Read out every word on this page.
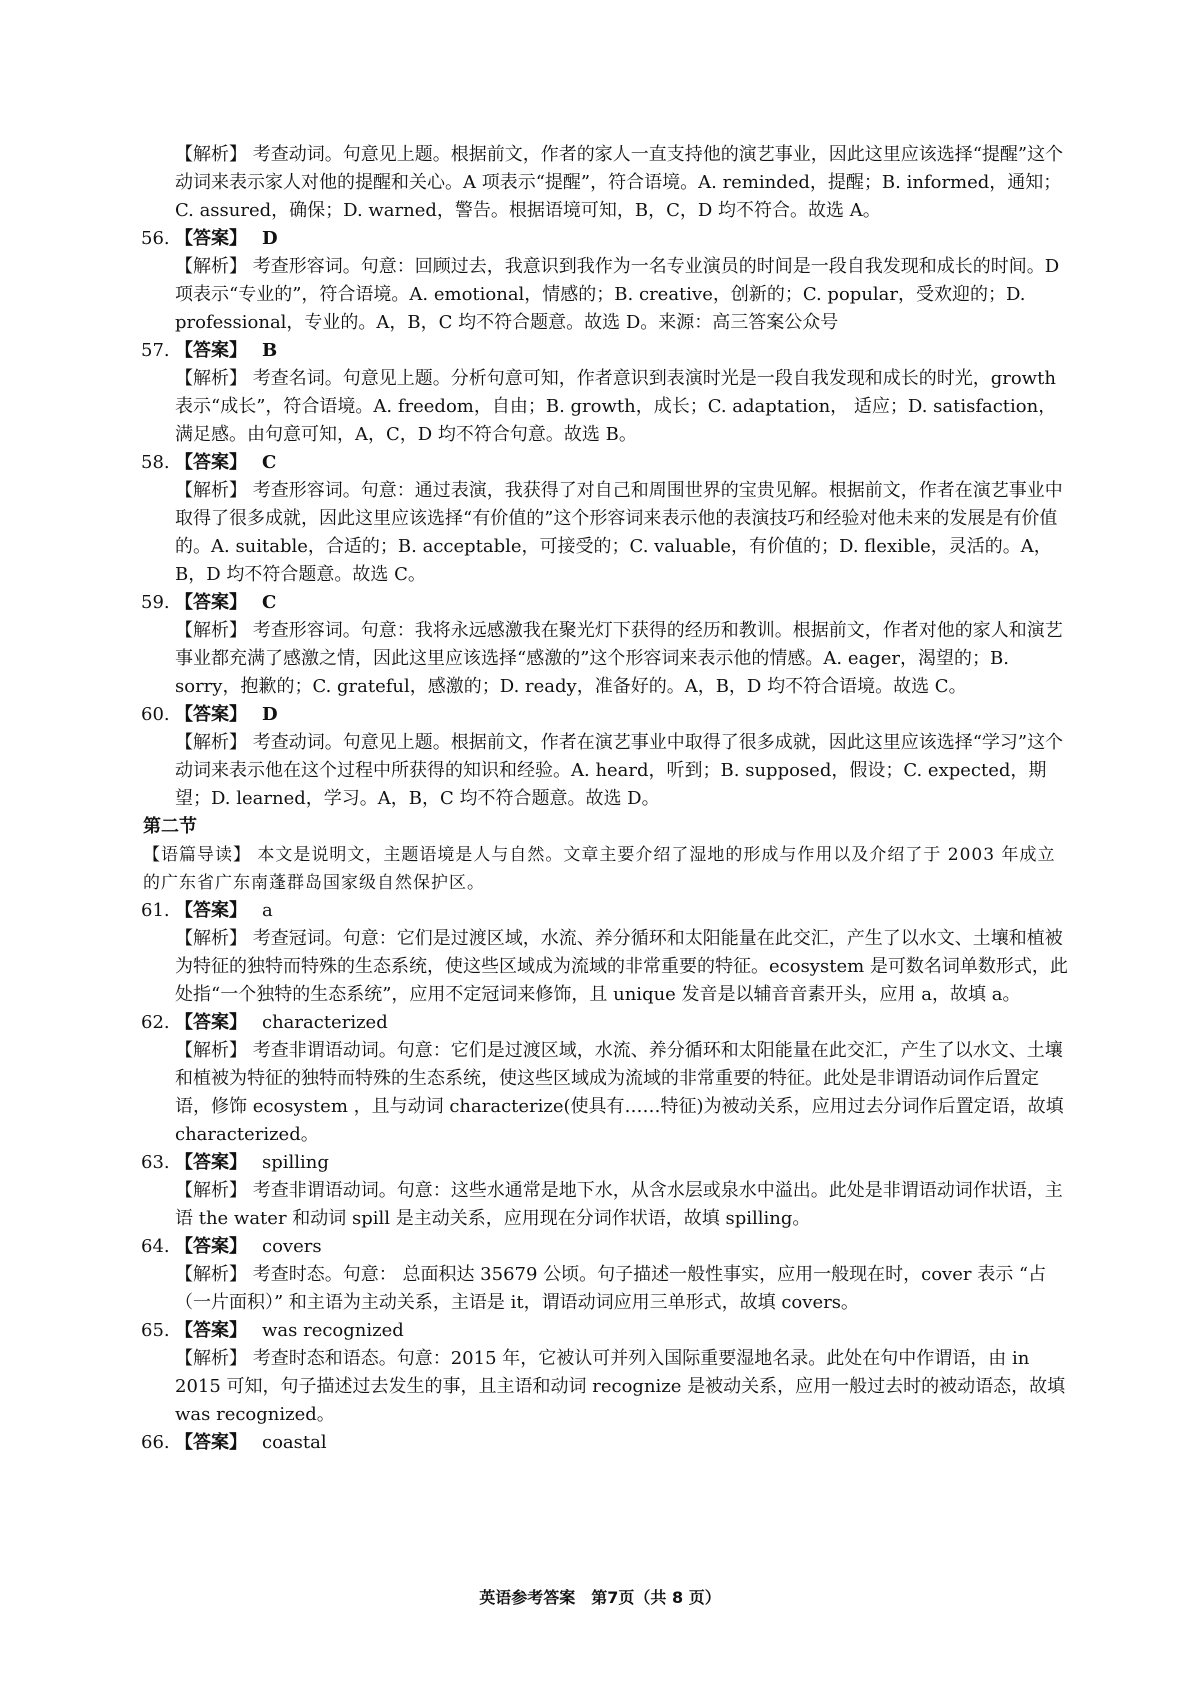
【解析】 考查动词。句意见上题。根据前文，作者的家人一直支持他的演艺事业，因此这里应该选择“提醒”这个动词来表示家人对他的提醒和关心。A 项表示“提醒”，符合语境。A. reminded，提醒；B. informed，通知；C. assured，确保；D. warned，警告。根据语境可知，B，C，D 均不符合。故选 A。

56. 【答案】 D

【解析】 考查形容词。句意：回顾过去，我意识到我作为一名专业演员的时间是一段自我发现和成长的时间。D 项表示“专业的”，符合语境。A. emotional，情感的；B. creative，创新的；C. popular，受欢迎的；D. professional，专业的。A，B，C 均不符合题意。故选 D。来源：高三答案公众号

57. 【答案】 B

【解析】 考查名词。句意见上题。分析句意可知，作者意识到表演时光是一段自我发现和成长的时光，growth 表示“成长”，符合语境。A. freedom，自由；B. growth，成长；C. adaptation， 适应；D. satisfaction，满足感。由句意可知，A，C，D 均不符合句意。故选 B。

58. 【答案】 C

【解析】 考查形容词。句意：通过表演，我获得了对自己和周围世界的宝贵见解。根据前文，作者在演艺事业中取得了很多成就，因此这里应该选择“有价值的”这个形容词来表示他的表演技巧和经验对他未来的发展是有价值的。A. suitable，合适的；B. acceptable，可接受的；C. valuable，有价值的；D. flexible，灵活的。A，B，D 均不符合题意。故选 C。

59. 【答案】 C

【解析】 考查形容词。句意：我将永远感激我在聚光灯下获得的经历和教训。根据前文，作者对他的家人和演艺事业都充满了感激之情，因此这里应该选择“感激的”这个形容词来表示他的情感。A. eager，渴望的；B. sorry，抱歉的；C. grateful，感激的；D. ready，准备好的。A，B，D 均不符合语境。故选 C。

60. 【答案】 D

【解析】 考查动词。句意见上题。根据前文，作者在演艺事业中取得了很多成就，因此这里应该选择“学习”这个动词来表示他在这个过程中所获得的知识和经验。A. heard，听到；B. supposed，假设；C. expected，期望；D. learned，学习。A，B，C 均不符合题意。故选 D。

第二节

【语篇导读】 本文是说明文，主题语境是人与自然。文章主要介绍了湿地的形成与作用以及介绍了于 2003 年成立的广东省广东南蓬群岛国家级自然保护区。

61. 【答案】 a

【解析】 考查冠词。句意：它们是过渡区域，水流、养分循环和太阳能量在此交汇，产生了以水文、土壤和植被为特征的独特而特殊的生态系统，使这些区域成为流域的非常重要的特征。ecosystem 是可数名词单数形式，此处指“一个独特的生态系统”，应用不定冠词来修饰，且 unique 发音是以辅音音素开头，应用 a，故填 a。

62. 【答案】 characterized

【解析】 考查非谓语动词。句意：它们是过渡区域，水流、养分循环和太阳能量在此交汇，产生了以水文、土壤和植被为特征的独特而特殊的生态系统，使这些区域成为流域的非常重要的特征。此处是非谓语动词作后置定语，修饰 ecosystem ，且与动词 characterize(使具有……特征)为被动关系，应用过去分词作后置定语，故填 characterized。

63. 【答案】 spilling

【解析】 考查非谓语动词。句意：这些水通常是地下水，从含水层或泉水中溢出。此处是非谓语动词作状语，主语 the water 和动词 spill 是主动关系，应用现在分词作状语，故填 spilling。

64. 【答案】 covers

【解析】 考查时态。句意： 总面积达 35679 公顷。句子描述一般性事实，应用一般现在时，cover 表示 “占（一片面积）” 和主语为主动关系，主语是 it，谓语动词应用三单形式，故填 covers。

65. 【答案】 was recognized

【解析】 考查时态和语态。句意：2015 年，它被认可并列入国际重要湿地名录。此处在句中作谓语，由 in 2015 可知，句子描述过去发生的事，且主语和动词 recognize 是被动关系，应用一般过去时的被动语态，故填 was recognized。

66. 【答案】 coastal
英语参考答案　第7页（共 8 页）
